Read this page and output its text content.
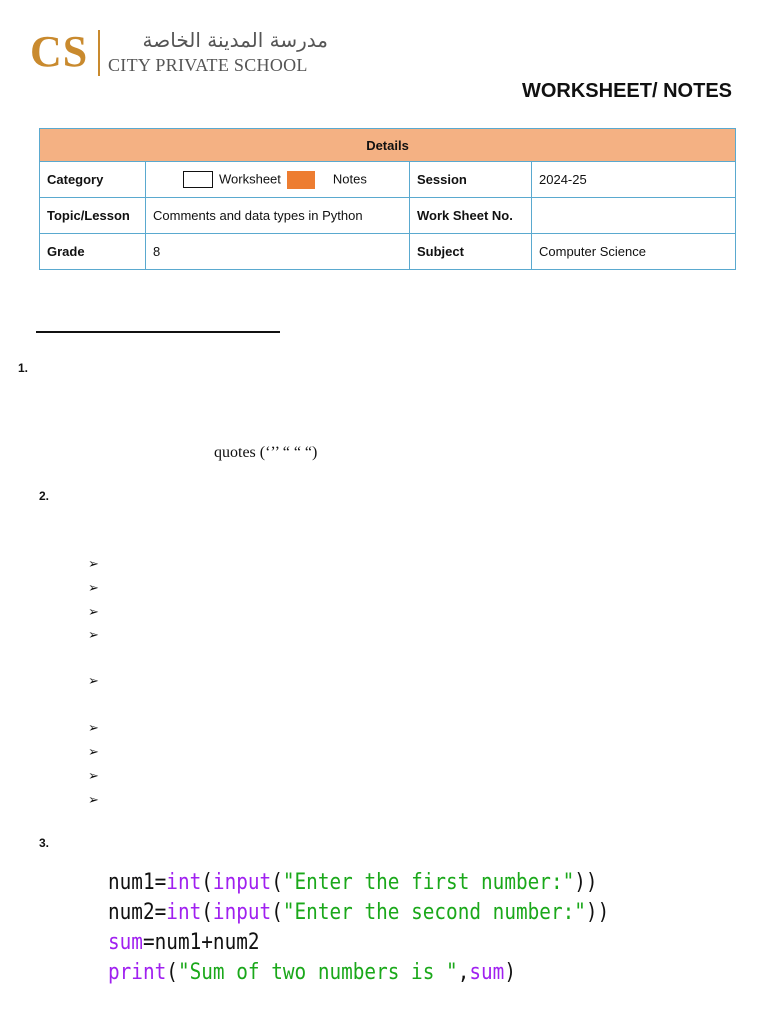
CS	مدرسة المدينة الخاصة
CITY PRIVATE SCHOOL
WORKSHEET/ NOTES
Details			
Category	Worksheet Notes	Session	2024-25
Topic/Lesson	Comments and data types in Python	Work Sheet No.	
Grade	8	Subject	Computer Science
1.
quotes (‘’’ “ “ “)
2.
➢
➢
➢
➢
➢
➢
➢
➢
➢
3.
num1=int(input("Enter the first number:"))
num2=int(input("Enter the second number:"))
sum=num1+num2
print("Sum of two numbers is ",sum)
